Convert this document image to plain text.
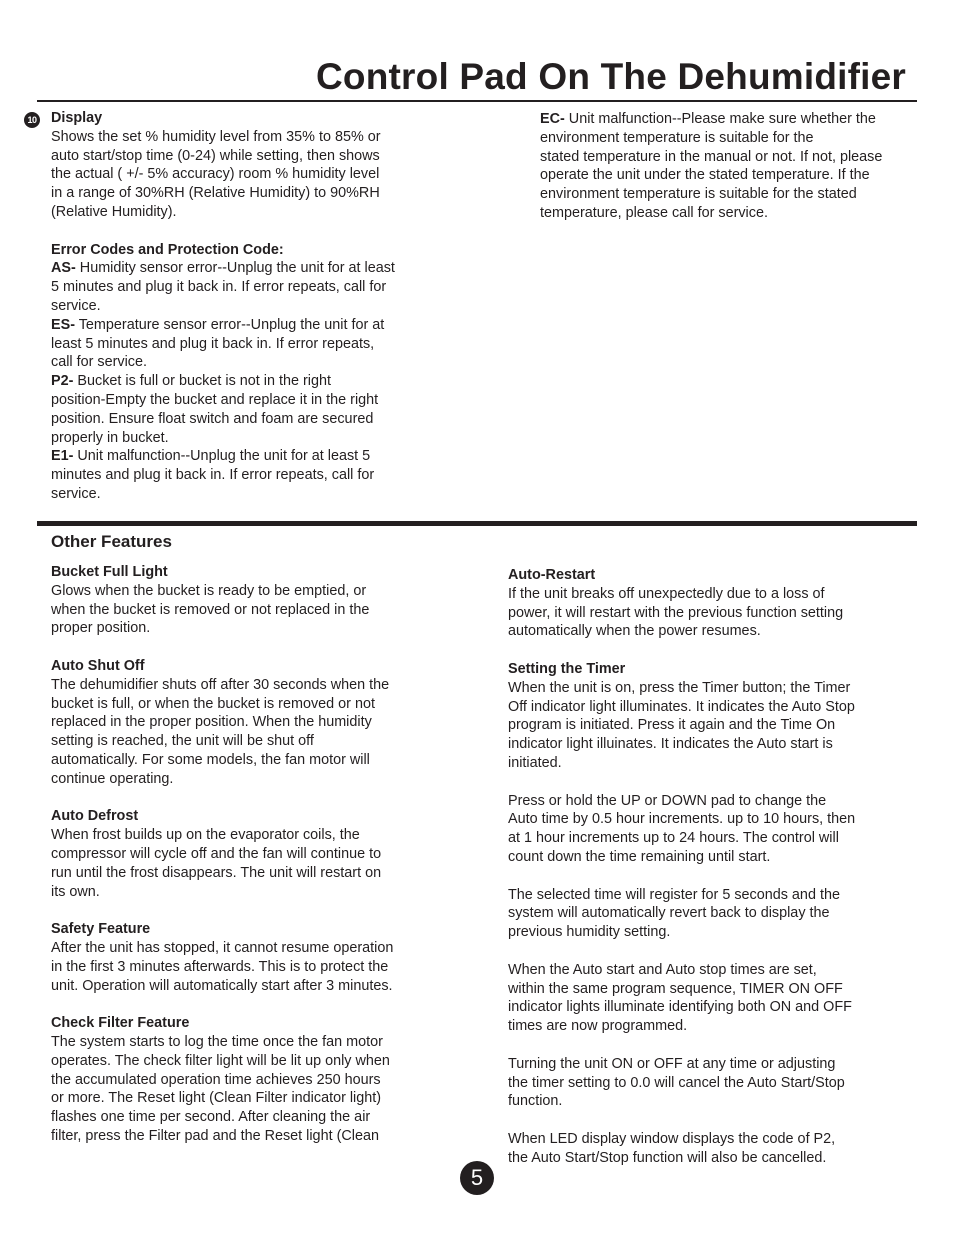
Control Pad On The Dehumidifier
10 Display

Shows the set % humidity level from 35% to 85% or

auto start/stop time (0-24) while setting, then shows

the actual ( +/- 5% accuracy) room % humidity level

in a range of 30%RH (Relative Humidity) to 90%RH

(Relative Humidity).

Error Codes and Protection Code:

AS- Humidity sensor error--Unplug the unit for at least

5 minutes and plug it back in. If error repeats, call for

service.

ES- Temperature sensor error--Unplug the unit for at

least 5 minutes and plug it back in. If error repeats,

call for service.

P2- Bucket is full or bucket is not in the right

position-Empty the bucket and replace it in the right

position. Ensure float switch and foam are secured

properly in bucket.

E1- Unit malfunction--Unplug the unit for at least 5

minutes and plug it back in. If error repeats, call for

service.

EC- Unit malfunction--Please make sure whether the

environment temperature is suitable for the

stated temperature in the manual or not. If not, please

operate the unit under the stated temperature. If the

environment temperature is suitable for the stated

temperature, please call for service.

Other Features

Bucket Full Light

Glows when the bucket is ready to be emptied, or

when the bucket is removed or not replaced in the

proper position.

Auto Shut Off

The dehumidifier shuts off after 30 seconds when the

bucket is full, or when the bucket is removed or not

replaced in the proper position. When the humidity

setting is reached, the unit will be shut off

automatically. For some models, the fan motor will

continue operating.

Auto Defrost

When frost builds up on the evaporator coils, the

compressor will cycle off and the fan will continue to

run until the frost disappears. The unit will restart on

its own.

Safety Feature

After the unit has stopped, it cannot resume operation

in the first 3 minutes afterwards. This is to protect the

unit. Operation will automatically start after 3 minutes.

Check Filter Feature

The system starts to log the time once the fan motor

operates. The check filter light will be lit up only when

the accumulated operation time achieves 250 hours

or more. The Reset light (Clean Filter indicator light)

flashes one time per second. After cleaning the air

filter, press the Filter pad and the Reset light (Clean

Auto-Restart

If the unit breaks off unexpectedly due to a loss of

power, it will restart with the previous function setting

automatically when the power resumes.

Setting the Timer

When the unit is on, press the Timer button; the Timer

Off indicator light illuminates. It indicates the Auto Stop

program is initiated. Press it again and the Time On

indicator light illuinates. It indicates the Auto start is

initiated.

Press or hold the UP or DOWN pad to change the

Auto time by 0.5 hour increments. up to 10 hours, then

at 1 hour increments up to 24 hours. The control will

count down the time remaining until start.

The selected time will register for 5 seconds and the

system will automatically revert back to display the

previous humidity setting.

When the Auto start and Auto stop times are set,

within the same program sequence, TIMER ON OFF

indicator lights illuminate identifying both ON and OFF

times are now programmed.

Turning the unit ON or OFF at any time or adjusting

the timer setting to 0.0 will cancel the Auto Start/Stop

function.

When LED display window displays the code of P2,

the Auto Start/Stop function will also be cancelled.

5
